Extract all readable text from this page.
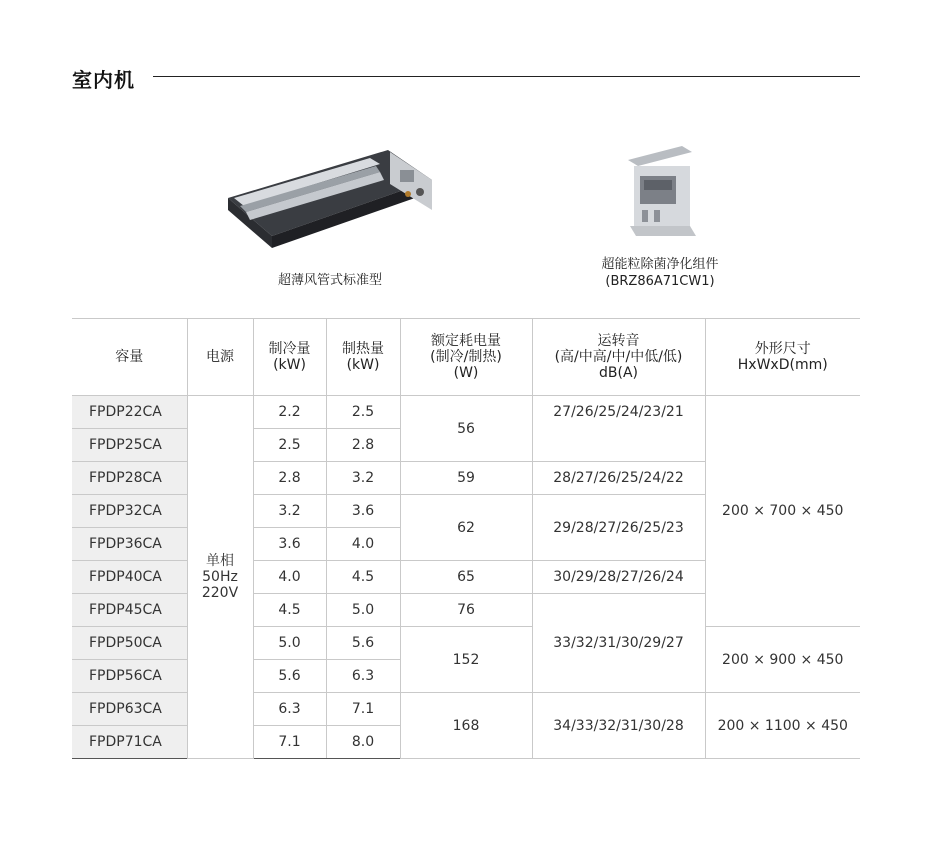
室内机
超薄风管式标准型
超能粒除菌净化组件
(BRZ86A71CW1)
容量	电源	制冷量
(kW)	制热量
(kW)	额定耗电量
(制冷/制热)
(W)	运转音
(高/中高/中/中低/低)
dB(A)	外形尺寸
HxWxD(mm)
FPDP22CA	单相
50Hz
220V	2.2	2.5	56	27/26/25/24/23/21	200 × 700 × 450
FPDP25CA		2.5	2.8			
FPDP28CA		2.8	3.2	59	28/27/26/25/24/22	
FPDP32CA		3.2	3.6	62	29/28/27/26/25/23	
FPDP36CA		3.6	4.0			
FPDP40CA		4.0	4.5	65	30/29/28/27/26/24	
FPDP45CA		4.5	5.0	76	33/32/31/30/29/27	
FPDP50CA		5.0	5.6	152		200 × 900 × 450
FPDP56CA		5.6	6.3			
FPDP63CA		6.3	7.1	168	34/33/32/31/30/28	200 × 1100 × 450
FPDP71CA		7.1	8.0			
